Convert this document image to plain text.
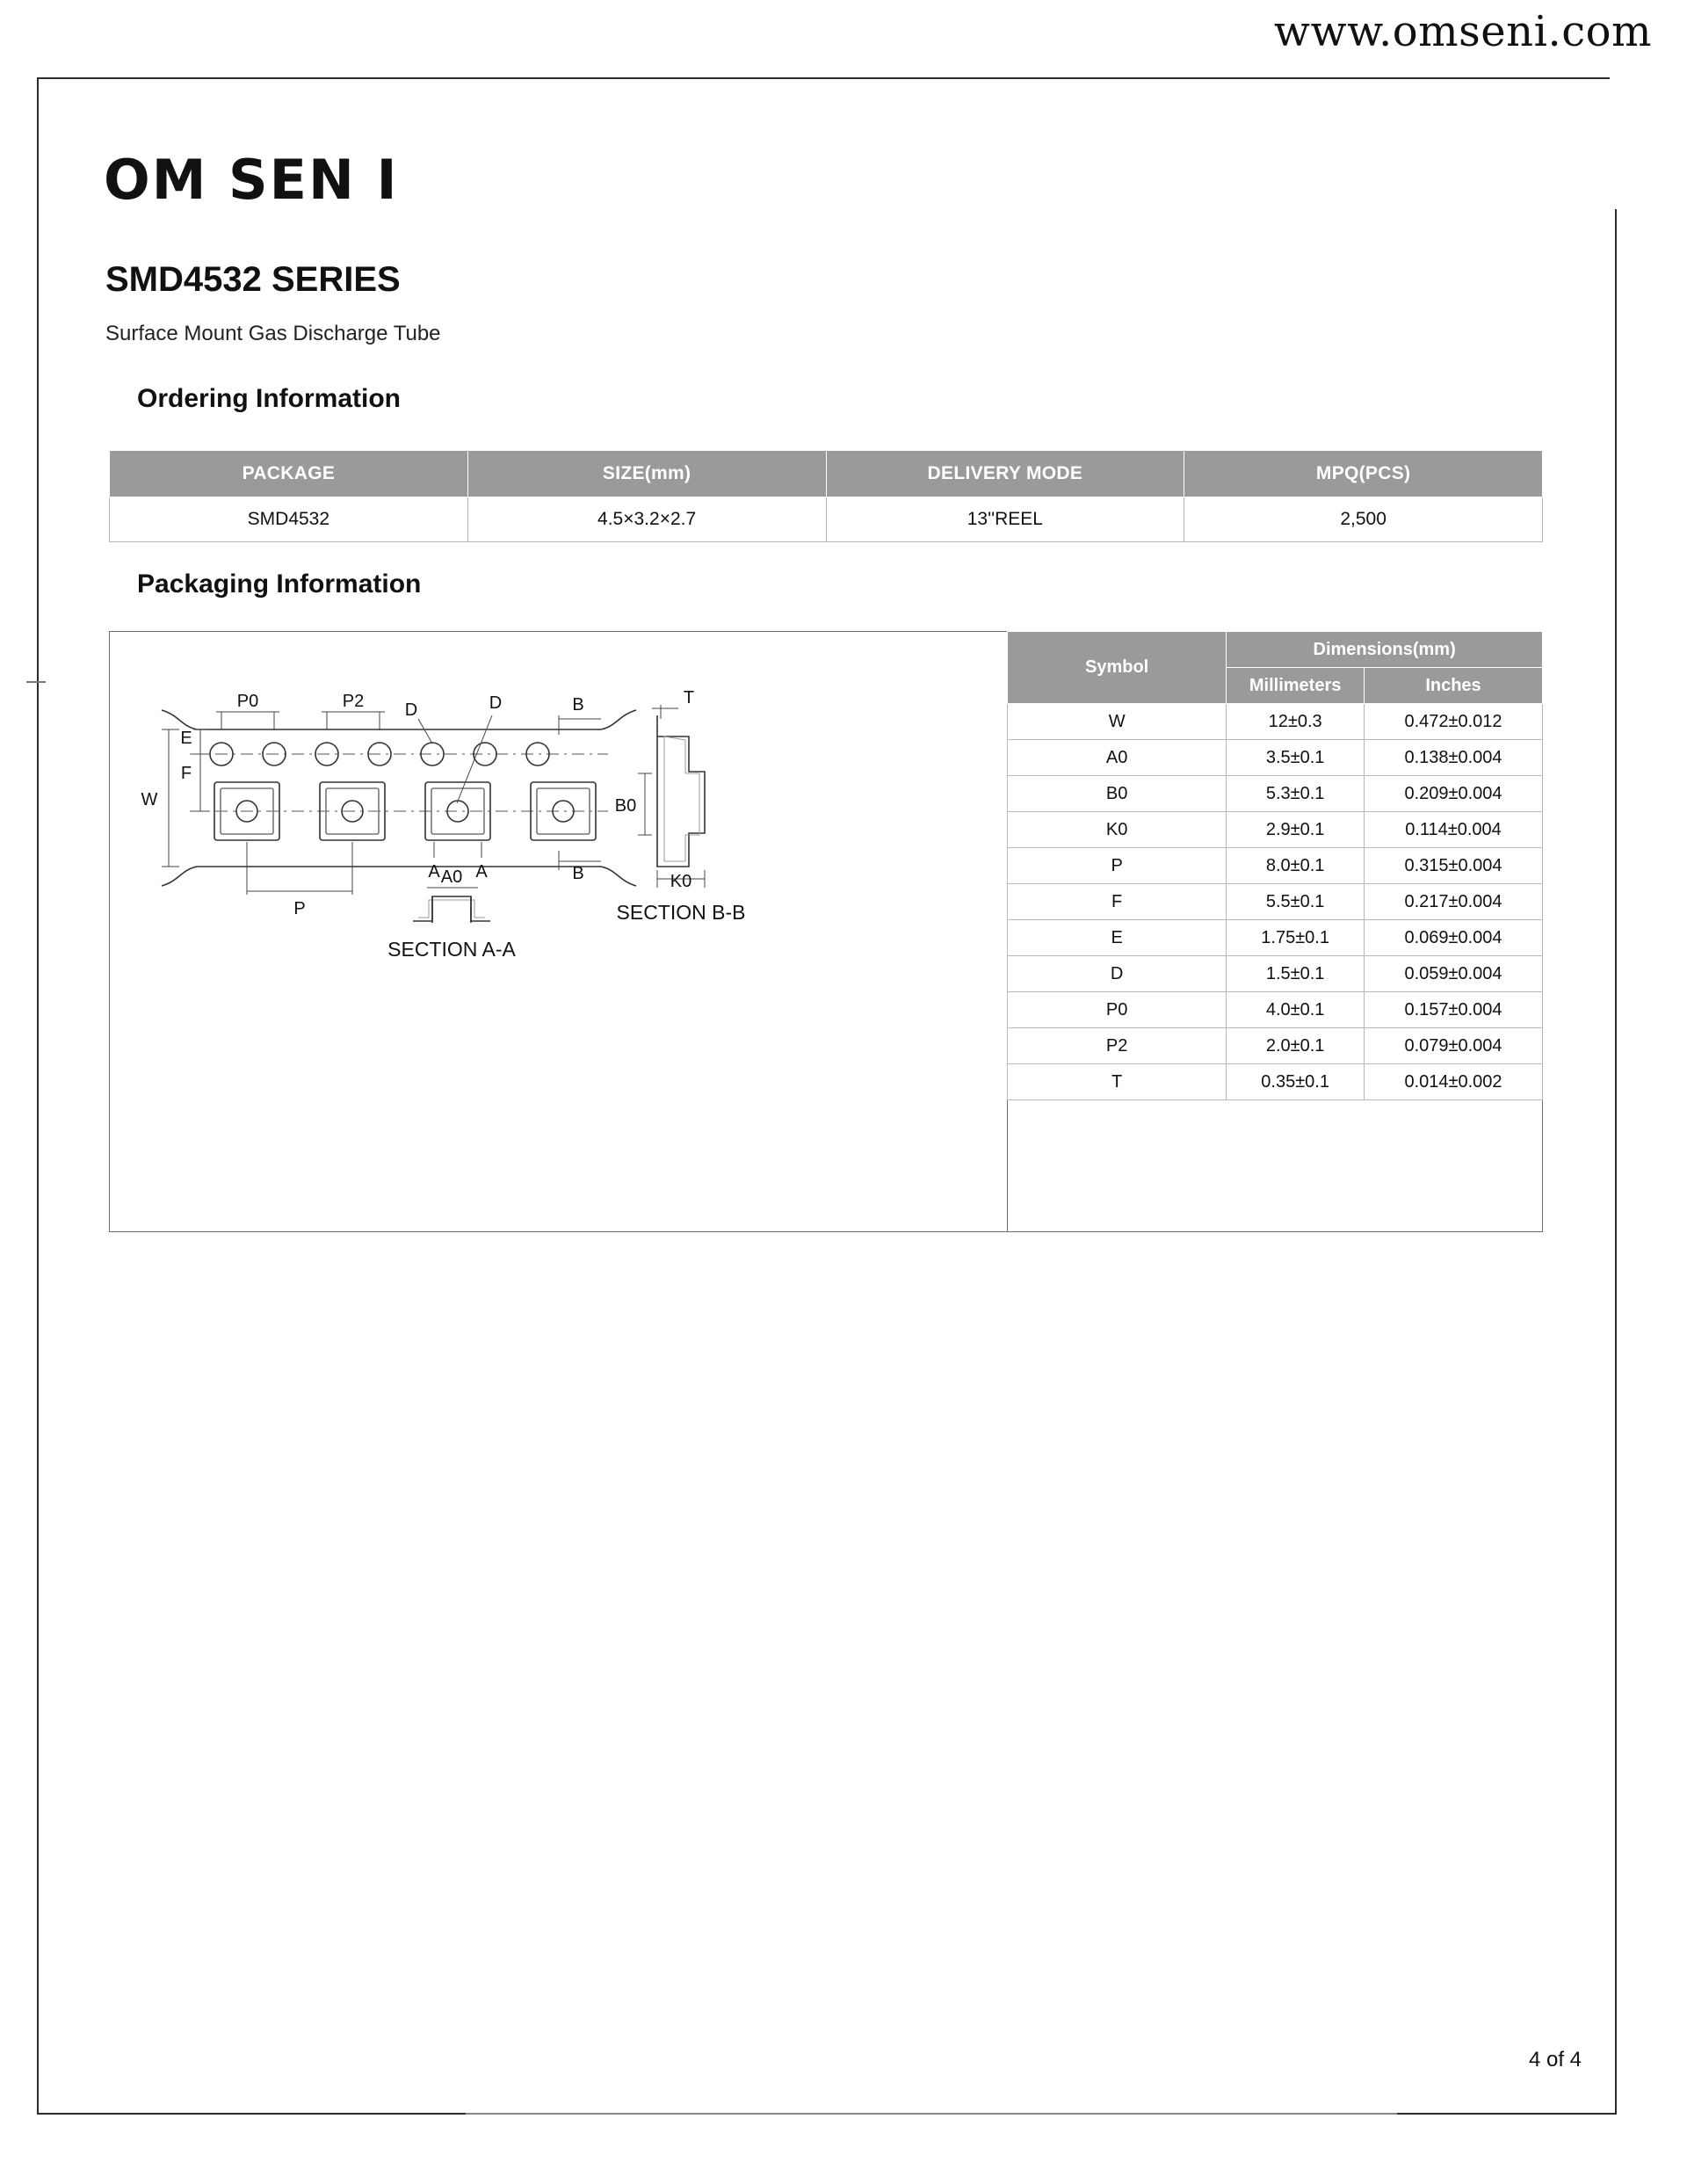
www.omseni.com
OM SEN I
SMD4532 SERIES
Surface Mount Gas Discharge Tube
Ordering Information
PACKAGE	SIZE(mm)	DELIVERY MODE	MPQ(PCS)
SMD4532	4.5×3.2×2.7	13''REEL	2,500
Packaging Information
P0	P2 D	D	B
B
E
F
W
P
A A
T
B0
K0
A0
SECTION A-A
SECTION B-B
Symbol	Dimensions(mm)	
	Millimeters	Inches
W	12±0.3	0.472±0.012
A0	3.5±0.1	0.138±0.004
B0	5.3±0.1	0.209±0.004
K0	2.9±0.1	0.114±0.004
P	8.0±0.1	0.315±0.004
F	5.5±0.1	0.217±0.004
E	1.75±0.1	0.069±0.004
D	1.5±0.1	0.059±0.004
P0	4.0±0.1	0.157±0.004
P2	2.0±0.1	0.079±0.004
T	0.35±0.1	0.014±0.002
4 of 4
